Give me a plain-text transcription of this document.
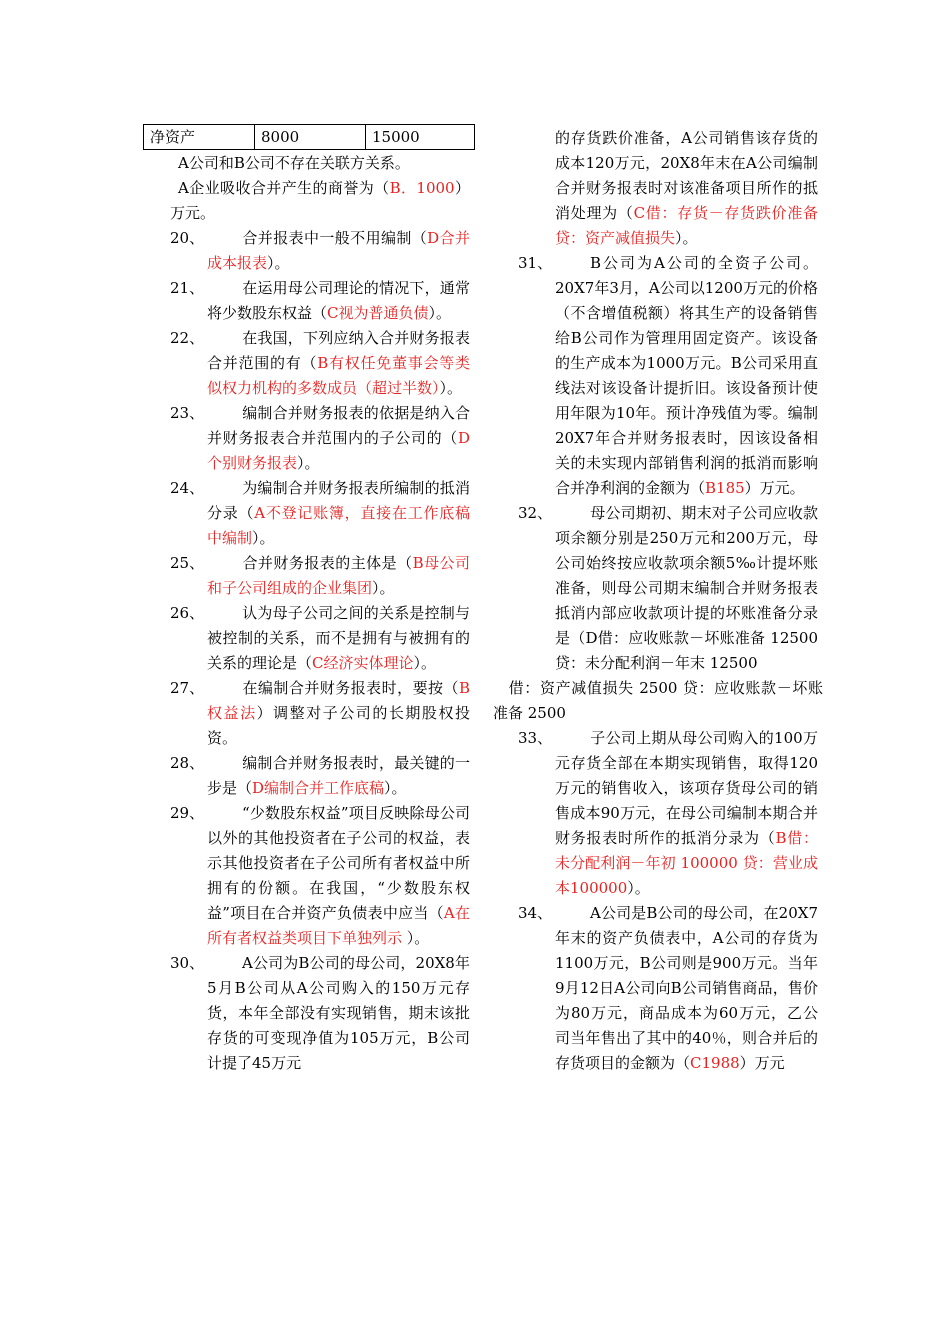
净资产	8000	15000

A公司和B公司不存在关联方关系。

A企业吸收合并产生的商誉为（B．1000）万元。

20、	合并报表中一般不用编制（D合并成本报表）。

21、	在运用母公司理论的情况下，通常将少数股东权益（C视为普通负债）。

22、	在我国，下列应纳入合并财务报表合并范围的有（B有权任免董事会等类似权力机构的多数成员（超过半数））。

23、	编制合并财务报表的依据是纳入合并财务报表合并范围内的子公司的（D个别财务报表）。

24、	为编制合并财务报表所编制的抵消分录（A不登记账簿，直接在工作底稿中编制）。

25、	合并财务报表的主体是（B母公司和子公司组成的企业集团）。

26、	认为母子公司之间的关系是控制与被控制的关系，而不是拥有与被拥有的关系的理论是（C经济实体理论）。

27、	在编制合并财务报表时，要按（B权益法）调整对子公司的长期股权投资。

28、	编制合并财务报表时，最关键的一步是（D编制合并工作底稿）。

29、	“少数股东权益”项目反映除母公司以外的其他投资者在子公司的权益，表示其他投资者在子公司所有者权益中所拥有的份额。在我国，“少数股东权益”项目在合并资产负债表中应当（A在所有者权益类项目下单独列示 ）。

30、	A公司为B公司的母公司，20X8年5月B公司从A公司购入的150万元存货，本年全部没有实现销售，期末该批存货的可变现净值为105万元，B公司计提了45万元

的存货跌价准备，A公司销售该存货的成本120万元，20X8年末在A公司编制合并财务报表时对该准备项目所作的抵消处理为（C借：存货－存货跌价准备 贷：资产减值损失）。

31、	B公司为A公司的全资子公司。20X7年3月，A公司以1200万元的价格（不含增值税额）将其生产的设备销售给B公司作为管理用固定资产。该设备的生产成本为1000万元。B公司采用直线法对该设备计提折旧。该设备预计使用年限为10年。预计净残值为零。编制20X7年合并财务报表时，因该设备相关的未实现内部销售利润的抵消而影响合并净利润的金额为（B185）万元。

32、	母公司期初、期末对子公司应收款项余额分别是250万元和200万元，母公司始终按应收款项余额5‰计提坏账准备，则母公司期末编制合并财务报表抵消内部应收款项计提的坏账准备分录是（D借：应收账款－坏账准备 12500 贷：未分配利润－年末 12500

借：资产减值损失 2500 贷：应收账款－坏账准备 2500

33、	子公司上期从母公司购入的100万元存货全部在本期实现销售，取得120万元的销售收入，该项存货母公司的销售成本90万元，在母公司编制本期合并财务报表时所作的抵消分录为（B借：未分配利润－年初 100000 贷：营业成本100000）。

34、	A公司是B公司的母公司，在20X7年末的资产负债表中，A公司的存货为1100万元，B公司则是900万元。当年9月12日A公司向B公司销售商品，售价为80万元，商品成本为60万元，乙公司当年售出了其中的40％，则合并后的存货项目的金额为（C1988）万元
